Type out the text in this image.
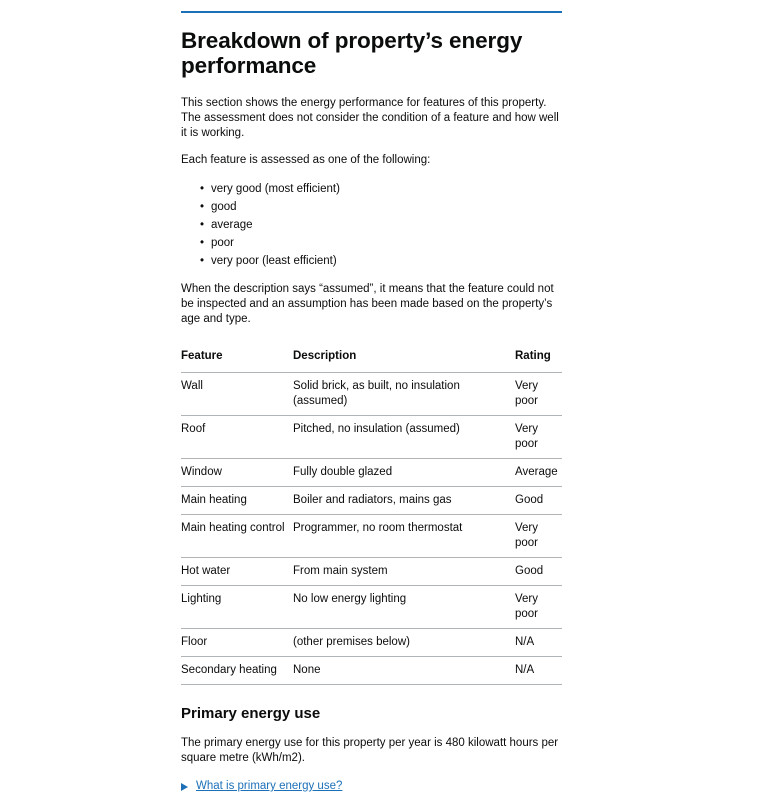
Breakdown of property’s energy performance

This section shows the energy performance for features of this property. The assessment does not consider the condition of a feature and how well it is working.

Each feature is assessed as one of the following:

• very good (most efficient)
• good
• average
• poor
• very poor (least efficient)

When the description says “assumed”, it means that the feature could not be inspected and an assumption has been made based on the property’s age and type.

Feature	Description	Rating
Wall	Solid brick, as built, no insulation (assumed)	Very poor
Roof	Pitched, no insulation (assumed)	Very poor
Window	Fully double glazed	Average
Main heating	Boiler and radiators, mains gas	Good
Main heating control	Programmer, no room thermostat	Very poor
Hot water	From main system	Good
Lighting	No low energy lighting	Very poor
Floor	(other premises below)	N/A
Secondary heating	None	N/A
Primary energy use

The primary energy use for this property per year is 480 kilowatt hours per square metre (kWh/m2).

What is primary energy use?
